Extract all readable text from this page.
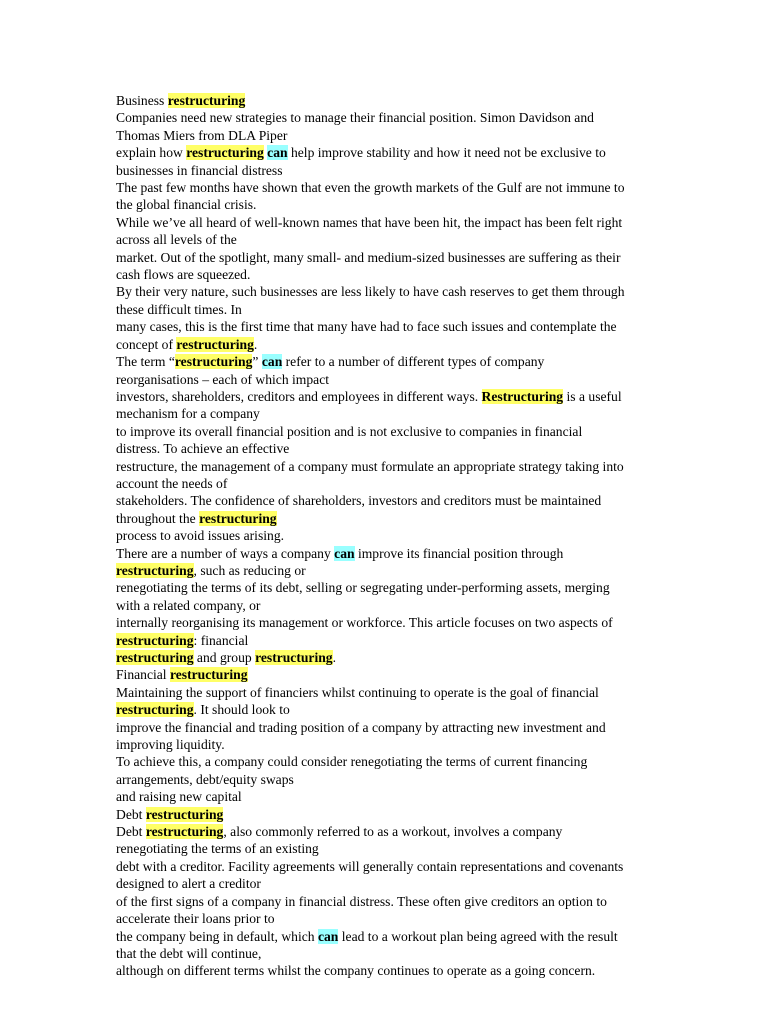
Business restructuring
Companies need new strategies to manage their financial position. Simon Davidson and
Thomas Miers from DLA Piper
explain how restructuring can help improve stability and how it need not be exclusive to
businesses in financial distress
The past few months have shown that even the growth markets of the Gulf are not immune to
the global financial crisis.
While we’ve all heard of well-known names that have been hit, the impact has been felt right
across all levels of the
market. Out of the spotlight, many small- and medium-sized businesses are suffering as their
cash flows are squeezed.
By their very nature, such businesses are less likely to have cash reserves to get them through
these difficult times. In
many cases, this is the first time that many have had to face such issues and contemplate the
concept of restructuring.
The term “restructuring” can refer to a number of different types of company
reorganisations – each of which impact
investors, shareholders, creditors and employees in different ways. Restructuring is a useful
mechanism for a company
to improve its overall financial position and is not exclusive to companies in financial
distress. To achieve an effective
restructure, the management of a company must formulate an appropriate strategy taking into
account the needs of
stakeholders. The confidence of shareholders, investors and creditors must be maintained
throughout the restructuring
process to avoid issues arising.
There are a number of ways a company can improve its financial position through
restructuring, such as reducing or
renegotiating the terms of its debt, selling or segregating under-performing assets, merging
with a related company, or
internally reorganising its management or workforce. This article focuses on two aspects of
restructuring: financial
restructuring and group restructuring.
Financial restructuring
Maintaining the support of financiers whilst continuing to operate is the goal of financial
restructuring. It should look to
improve the financial and trading position of a company by attracting new investment and
improving liquidity.
To achieve this, a company could consider renegotiating the terms of current financing
arrangements, debt/equity swaps
and raising new capital
Debt restructuring
Debt restructuring, also commonly referred to as a workout, involves a company
renegotiating the terms of an existing
debt with a creditor. Facility agreements will generally contain representations and covenants
designed to alert a creditor
of the first signs of a company in financial distress. These often give creditors an option to
accelerate their loans prior to
the company being in default, which can lead to a workout plan being agreed with the result
that the debt will continue,
although on different terms whilst the company continues to operate as a going concern.
